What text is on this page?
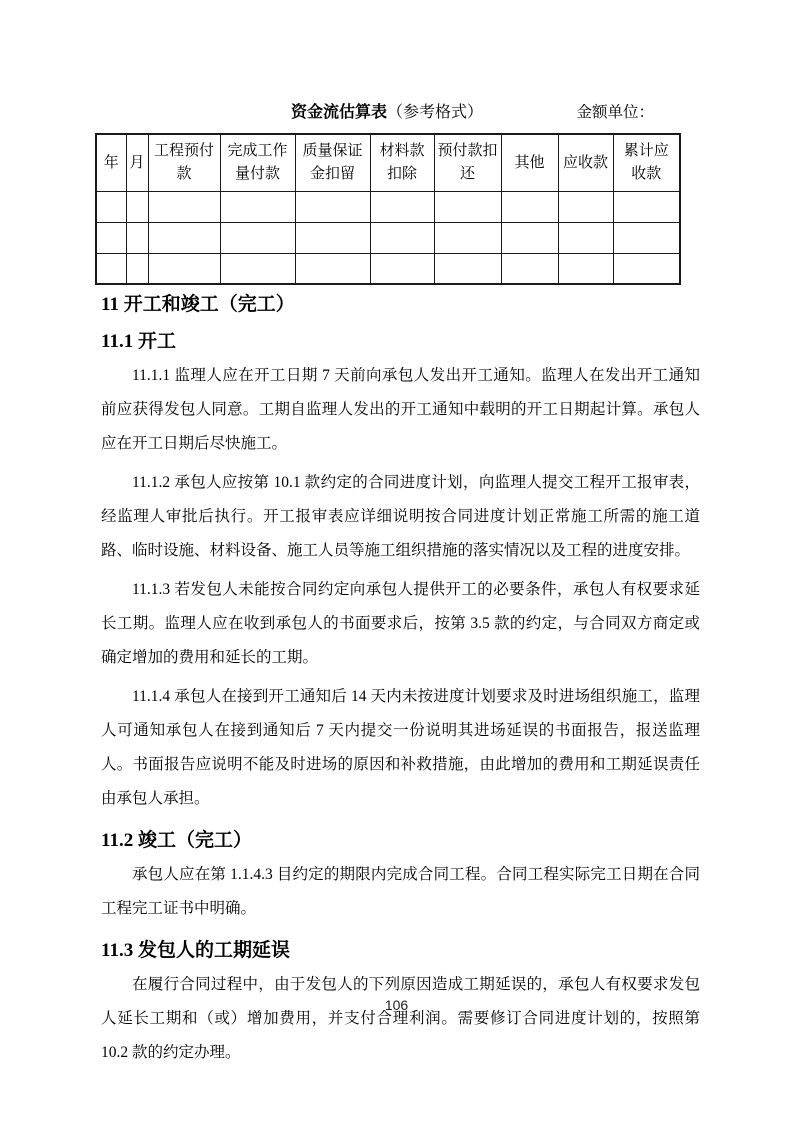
资金流估算表（参考格式）	金额单位：
年	月	工程预付款	完成工作量付款	质量保证金扣留	材料款扣除	预付款扣还	其他	应收款	累计应收款

11 开工和竣工（完工）
11.1 开工

11.1.1 监理人应在开工日期 7 天前向承包人发出开工通知。监理人在发出开工通知前应获得发包人同意。工期自监理人发出的开工通知中载明的开工日期起计算。承包人应在开工日期后尽快施工。

11.1.2 承包人应按第 10.1 款约定的合同进度计划，向监理人提交工程开工报审表，经监理人审批后执行。开工报审表应详细说明按合同进度计划正常施工所需的施工道路、临时设施、材料设备、施工人员等施工组织措施的落实情况以及工程的进度安排。

11.1.3 若发包人未能按合同约定向承包人提供开工的必要条件，承包人有权要求延长工期。监理人应在收到承包人的书面要求后，按第 3.5 款的约定，与合同双方商定或确定增加的费用和延长的工期。

11.1.4 承包人在接到开工通知后 14 天内未按进度计划要求及时进场组织施工，监理人可通知承包人在接到通知后 7 天内提交一份说明其进场延误的书面报告，报送监理人。书面报告应说明不能及时进场的原因和补救措施，由此增加的费用和工期延误责任由承包人承担。

11.2 竣工（完工）

承包人应在第 1.1.4.3 目约定的期限内完成合同工程。合同工程实际完工日期在合同工程完工证书中明确。

11.3 发包人的工期延误

在履行合同过程中，由于发包人的下列原因造成工期延误的，承包人有权要求发包人延长工期和（或）增加费用，并支付合理利润。需要修订合同进度计划的，按照第 10.2 款的约定办理。

106
